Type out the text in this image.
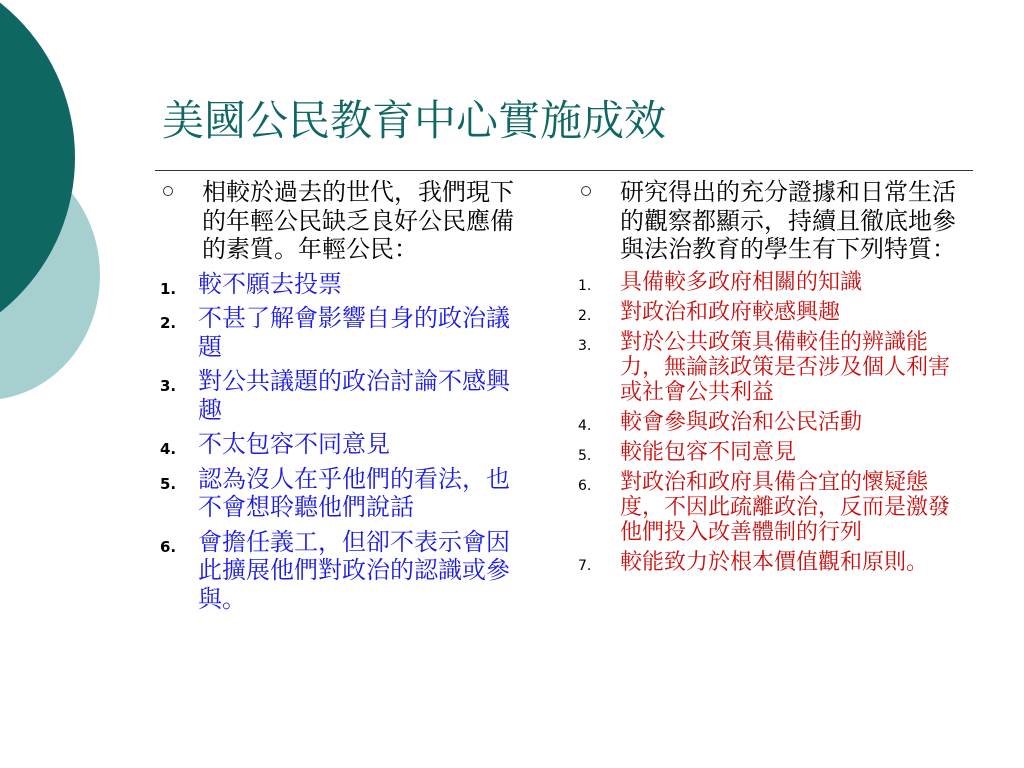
美國公民教育中心實施成效

相較於過去的世代，我們現下的年輕公民缺乏良好公民應備的素質。年輕公民：

1. 較不願去投票
2. 不甚了解會影響自身的政治議題
3. 對公共議題的政治討論不感興趣
4. 不太包容不同意見
5. 認為沒人在乎他們的看法，也不會想聆聽他們說話
6. 會擔任義工，但卻不表示會因此擴展他們對政治的認識或參與。

研究得出的充分證據和日常生活的觀察都顯示，持續且徹底地參與法治教育的學生有下列特質：

1. 具備較多政府相關的知識
2. 對政治和政府較感興趣
3. 對於公共政策具備較佳的辨識能力，無論該政策是否涉及個人利害或社會公共利益
4. 較會參與政治和公民活動
5. 較能包容不同意見
6. 對政治和政府具備合宜的懷疑態度，不因此疏離政治，反而是激發他們投入改善體制的行列
7. 較能致力於根本價值觀和原則。
